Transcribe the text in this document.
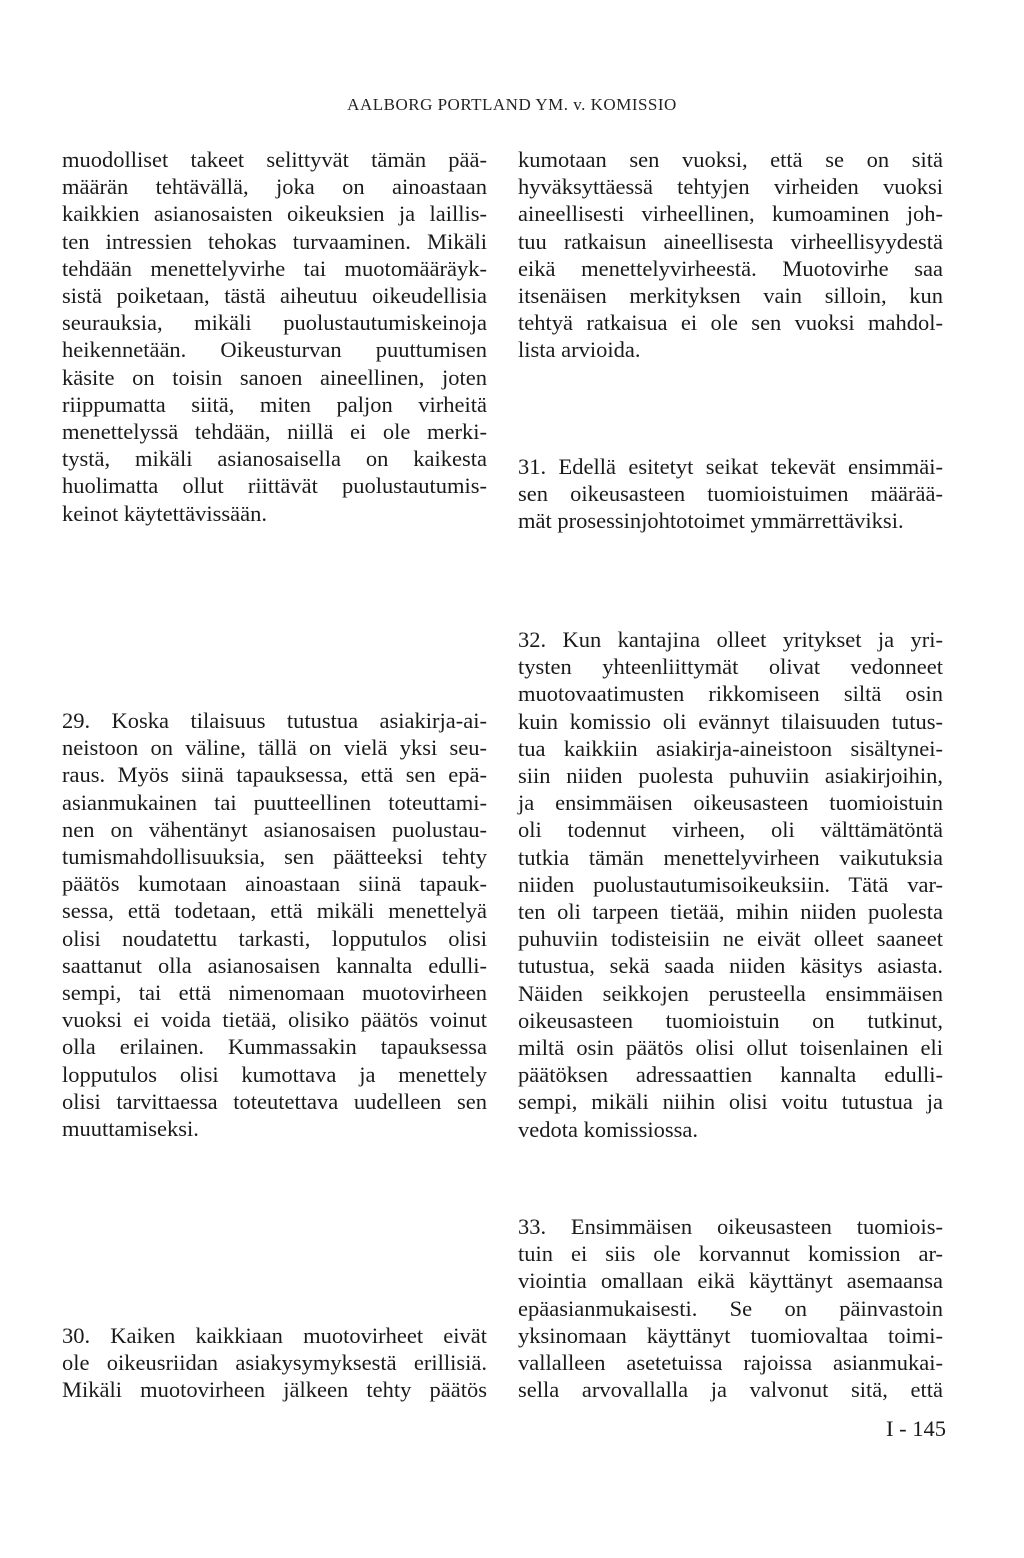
AALBORG PORTLAND YM. v. KOMISSIO
muodolliset takeet selittyvät tämän pää-
määrän tehtävällä, joka on ainoastaan
kaikkien asianosaisten oikeuksien ja laillis-
ten intressien tehokas turvaaminen. Mikäli
tehdään menettelyvirhe tai muotomääräyk-
sistä poiketaan, tästä aiheutuu oikeudellisia
seurauksia, mikäli puolustautumiskeinoja
heikennetään. Oikeusturvan puuttumisen
käsite on toisin sanoen aineellinen, joten
riippumatta siitä, miten paljon virheitä
menettelyssä tehdään, niillä ei ole merki-
tystä, mikäli asianosaisella on kaikesta
huolimatta ollut riittävät puolustautumis-
keinot käytettävissään.
29. Koska tilaisuus tutustua asiakirja-ai-
neistoon on väline, tällä on vielä yksi seu-
raus. Myös siinä tapauksessa, että sen epä-
asianmukainen tai puutteellinen toteuttami-
nen on vähentänyt asianosaisen puolustau-
tumismahdollisuuksia, sen päätteeksi tehty
päätös kumotaan ainoastaan siinä tapauk-
sessa, että todetaan, että mikäli menettelyä
olisi noudatettu tarkasti, lopputulos olisi
saattanut olla asianosaisen kannalta edulli-
sempi, tai että nimenomaan muotovirheen
vuoksi ei voida tietää, olisiko päätös voinut
olla erilainen. Kummassakin tapauksessa
lopputulos olisi kumottava ja menettely
olisi tarvittaessa toteutettava uudelleen sen
muuttamiseksi.
30. Kaiken kaikkiaan muotovirheet eivät
ole oikeusriidan asiakysymyksestä erillisiä.
Mikäli muotovirheen jälkeen tehty päätös
kumotaan sen vuoksi, että se on sitä
hyväksyttäessä tehtyjen virheiden vuoksi
aineellisesti virheellinen, kumoaminen joh-
tuu ratkaisun aineellisesta virheellisyydestä
eikä menettelyvirheestä. Muotovirhe saa
itsenäisen merkityksen vain silloin, kun
tehtyä ratkaisua ei ole sen vuoksi mahdol-
lista arvioida.
31. Edellä esitetyt seikat tekevät ensimmäi-
sen oikeusasteen tuomioistuimen määrää-
mät prosessinjohtotoimet ymmärrettäviksi.
32. Kun kantajina olleet yritykset ja yri-
tysten yhteenliittymät olivat vedonneet
muotovaatimusten rikkomiseen siltä osin
kuin komissio oli evännyt tilaisuuden tutus-
tua kaikkiin asiakirja-aineistoon sisältynei-
siin niiden puolesta puhuviin asiakirjoihin,
ja ensimmäisen oikeusasteen tuomioistuin
oli todennut virheen, oli välttämätöntä
tutkia tämän menettelyvirheen vaikutuksia
niiden puolustautumisoikeuksiin. Tätä var-
ten oli tarpeen tietää, mihin niiden puolesta
puhuviin todisteisiin ne eivät olleet saaneet
tutustua, sekä saada niiden käsitys asiasta.
Näiden seikkojen perusteella ensimmäisen
oikeusasteen tuomioistuin on tutkinut,
miltä osin päätös olisi ollut toisenlainen eli
päätöksen adressaattien kannalta edulli-
sempi, mikäli niihin olisi voitu tutustua ja
vedota komissiossa.
33. Ensimmäisen oikeusasteen tuomiois-
tuin ei siis ole korvannut komission ar-
viointia omallaan eikä käyttänyt asemaansa
epäasianmukaisesti. Se on päinvastoin
yksinomaan käyttänyt tuomiovaltaa toimi-
vallalleen asetetuissa rajoissa asianmukai-
sella arvovallalla ja valvonut sitä, että
I - 145
